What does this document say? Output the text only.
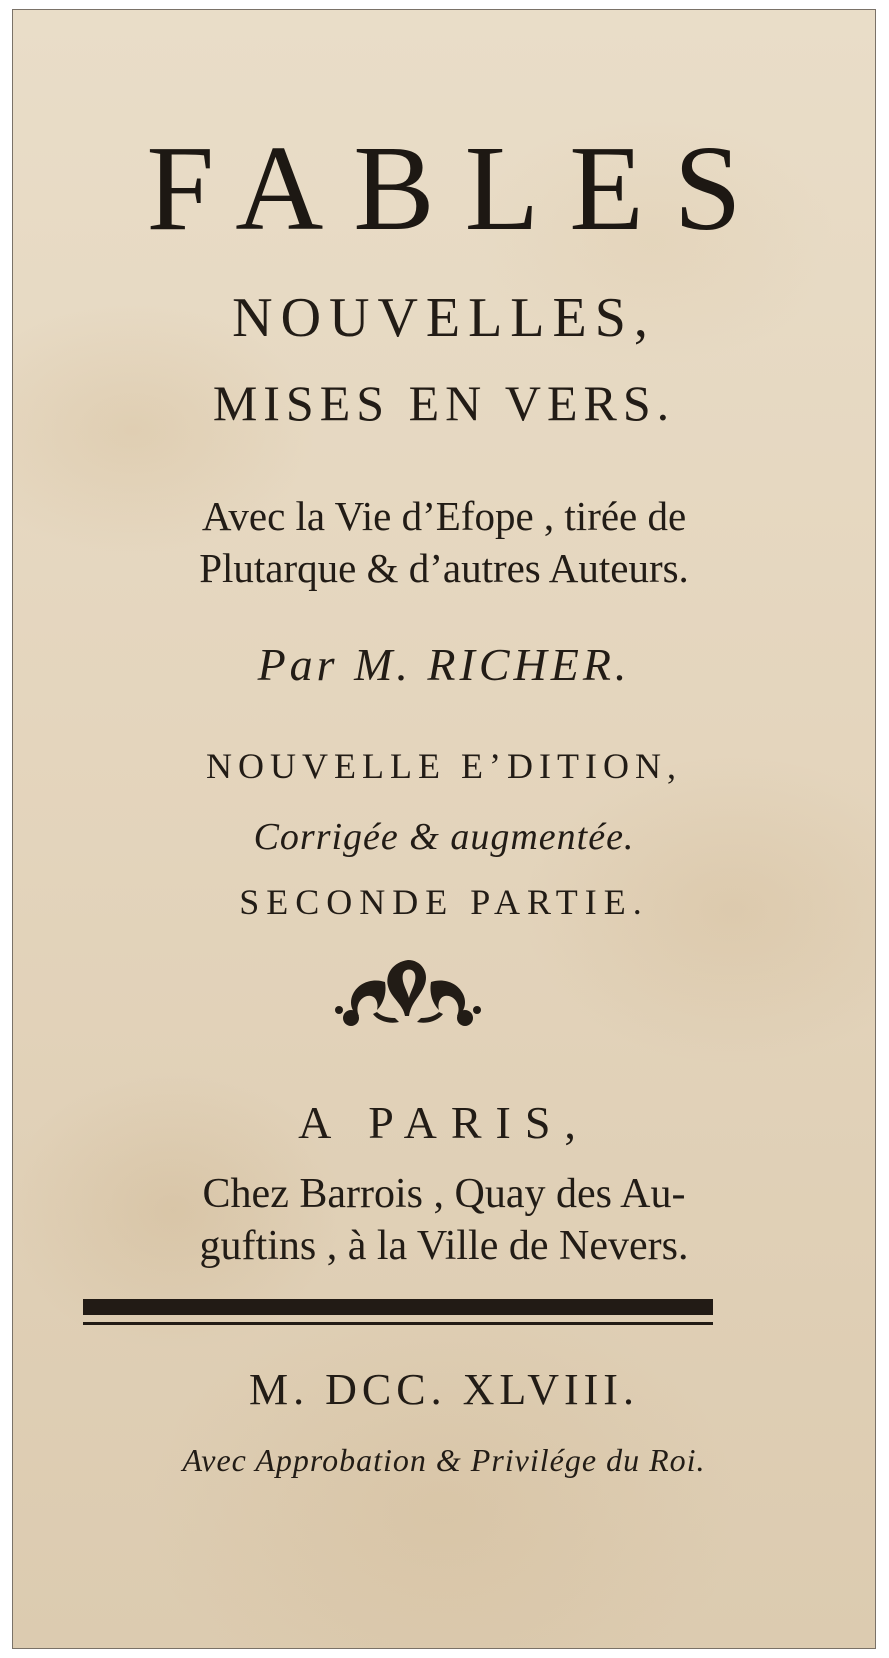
FABLES

NOUVELLES,

MISES EN VERS.

Avec la Vie d’Efope , tirée de
Plutarque & d’autres Auteurs.

Par M. RICHER.

NOUVELLE E’DITION,

Corrigée & augmentée.

SECONDE PARTIE.

A PARIS,

Chez Barrois , Quay des Au-
guftins , à la Ville de Nevers.

M. DCC. XLVIII.

Avec Approbation & Privilége du Roi.
